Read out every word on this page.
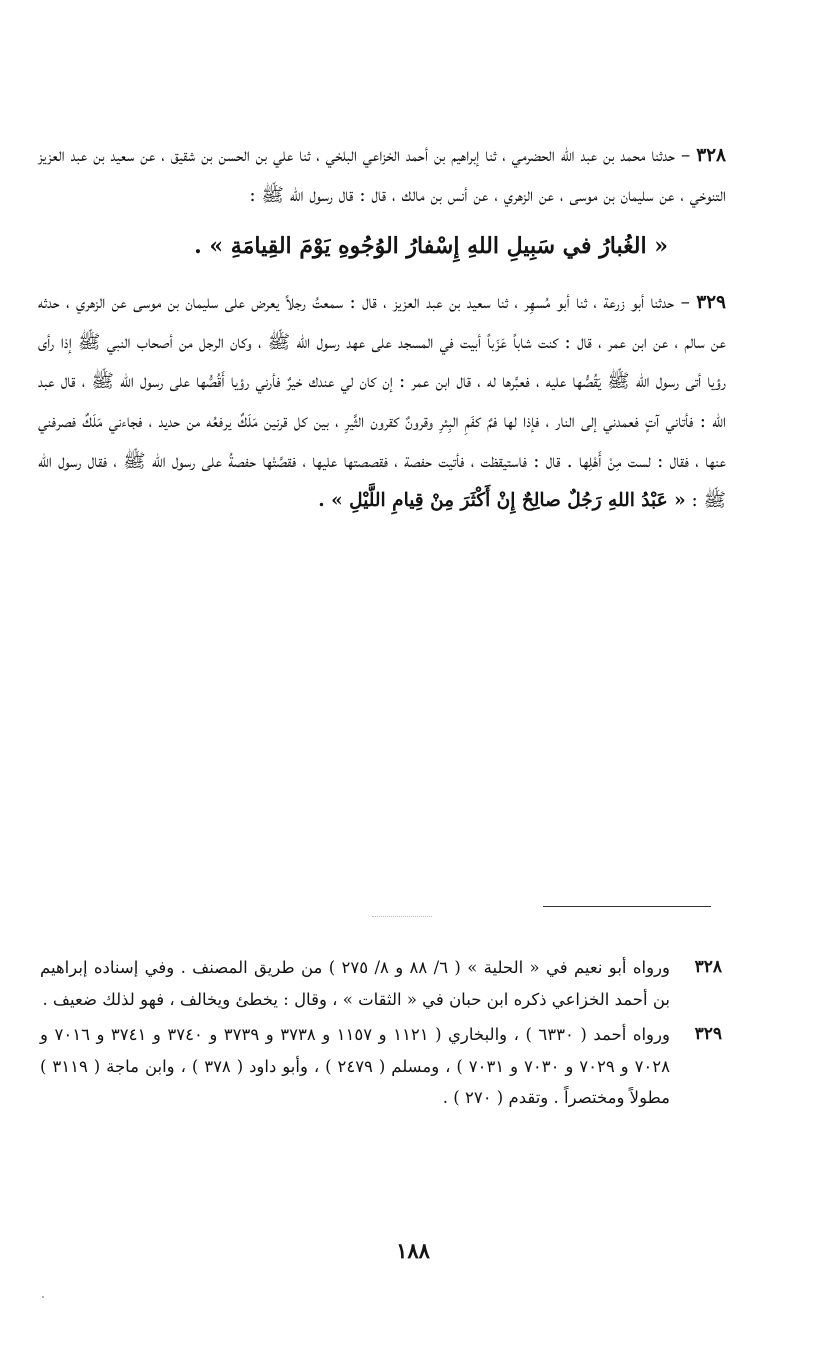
٣٢٨ – حدثنا محمد بن عبد الله الحضرمي ، ثنا إبراهيم بن أحمد الخزاعي البلخي ، ثنا علي بن الحسن بن شقيق ، عن سعيد بن عبد العزيز التنوخي ، عن سليمان بن موسى ، عن الزهري ، عن أنس بن مالك ، قال : قال رسول الله ﷺ :

« الغُبارُ في سَبِيلِ اللهِ إِسْفارُ الوُجُوهِ يَوْمَ القِيامَةِ » .

٣٢٩ – حدثنا أبو زرعة ، ثنا أبو مُسهِر ، ثنا سعيد بن عبد العزيز ، قال : سمعتُ رجلاً يعرض على سليمان بن موسى عن الزهري ، حدثه عن سالم ، عن ابن عمر ، قال : كنت شاباً عَزَباً أبيت في المسجد على عهد رسول الله ﷺ ، وكان الرجل من أصحاب النبي ﷺ إذا رأى رؤيا أتى رسول الله ﷺ يَقُصُّها عليه ، فعبَّرها له ، قال ابن عمر : إن كان لي عندك خيرٌ فأرني رؤيا أَقُصُّها على رسول الله ﷺ ، قال عبد الله : فأتاني آتٍ فعمدني إلى النار ، فإذا لها فمٌ كفَمِ البِئرِ وقرونٌ كقرون الثَّيرِ ، بين كل قرنين مَلَكٌ يرفعُه من حديد ، فجاءني مَلَكٌ فصرفني عنها ، فقال : لست مِنْ أَهْلِها . قال : فاستيقظت ، فأتيت حفصة ، فقصصتها عليها ، فقصَّتْها حفصةُ على رسول الله ﷺ ، فقال رسول الله ﷺ : « عَبْدُ اللهِ رَجُلٌ صالِحٌ إِنْ أَكْثَرَ مِنْ قِيامِ اللَّيْلِ » .

٣٢٨
ورواه أبو نعيم في « الحلية » ( ٦/ ٨٨ و ٨/ ٢٧٥ ) من طريق المصنف . وفي إسناده إبراهيم بن أحمد الخزاعي ذكره ابن حبان في « الثقات » ، وقال : يخطئ ويخالف ، فهو لذلك ضعيف .

٣٢٩
ورواه أحمد ( ٦٣٣٠ ) ، والبخاري ( ١١٢١ و ١١٥٧ و ٣٧٣٨ و ٣٧٣٩ و ٣٧٤٠ و ٣٧٤١ و ٧٠١٦ و ٧٠٢٨ و ٧٠٢٩ و ٧٠٣٠ و ٧٠٣١ ) ، ومسلم ( ٢٤٧٩ ) ، وأبو داود ( ٣٧٨ ) ، وابن ماجة ( ٣١١٩ ) مطولاً ومختصراً . وتقدم ( ٢٧٠ ) .

١٨٨
